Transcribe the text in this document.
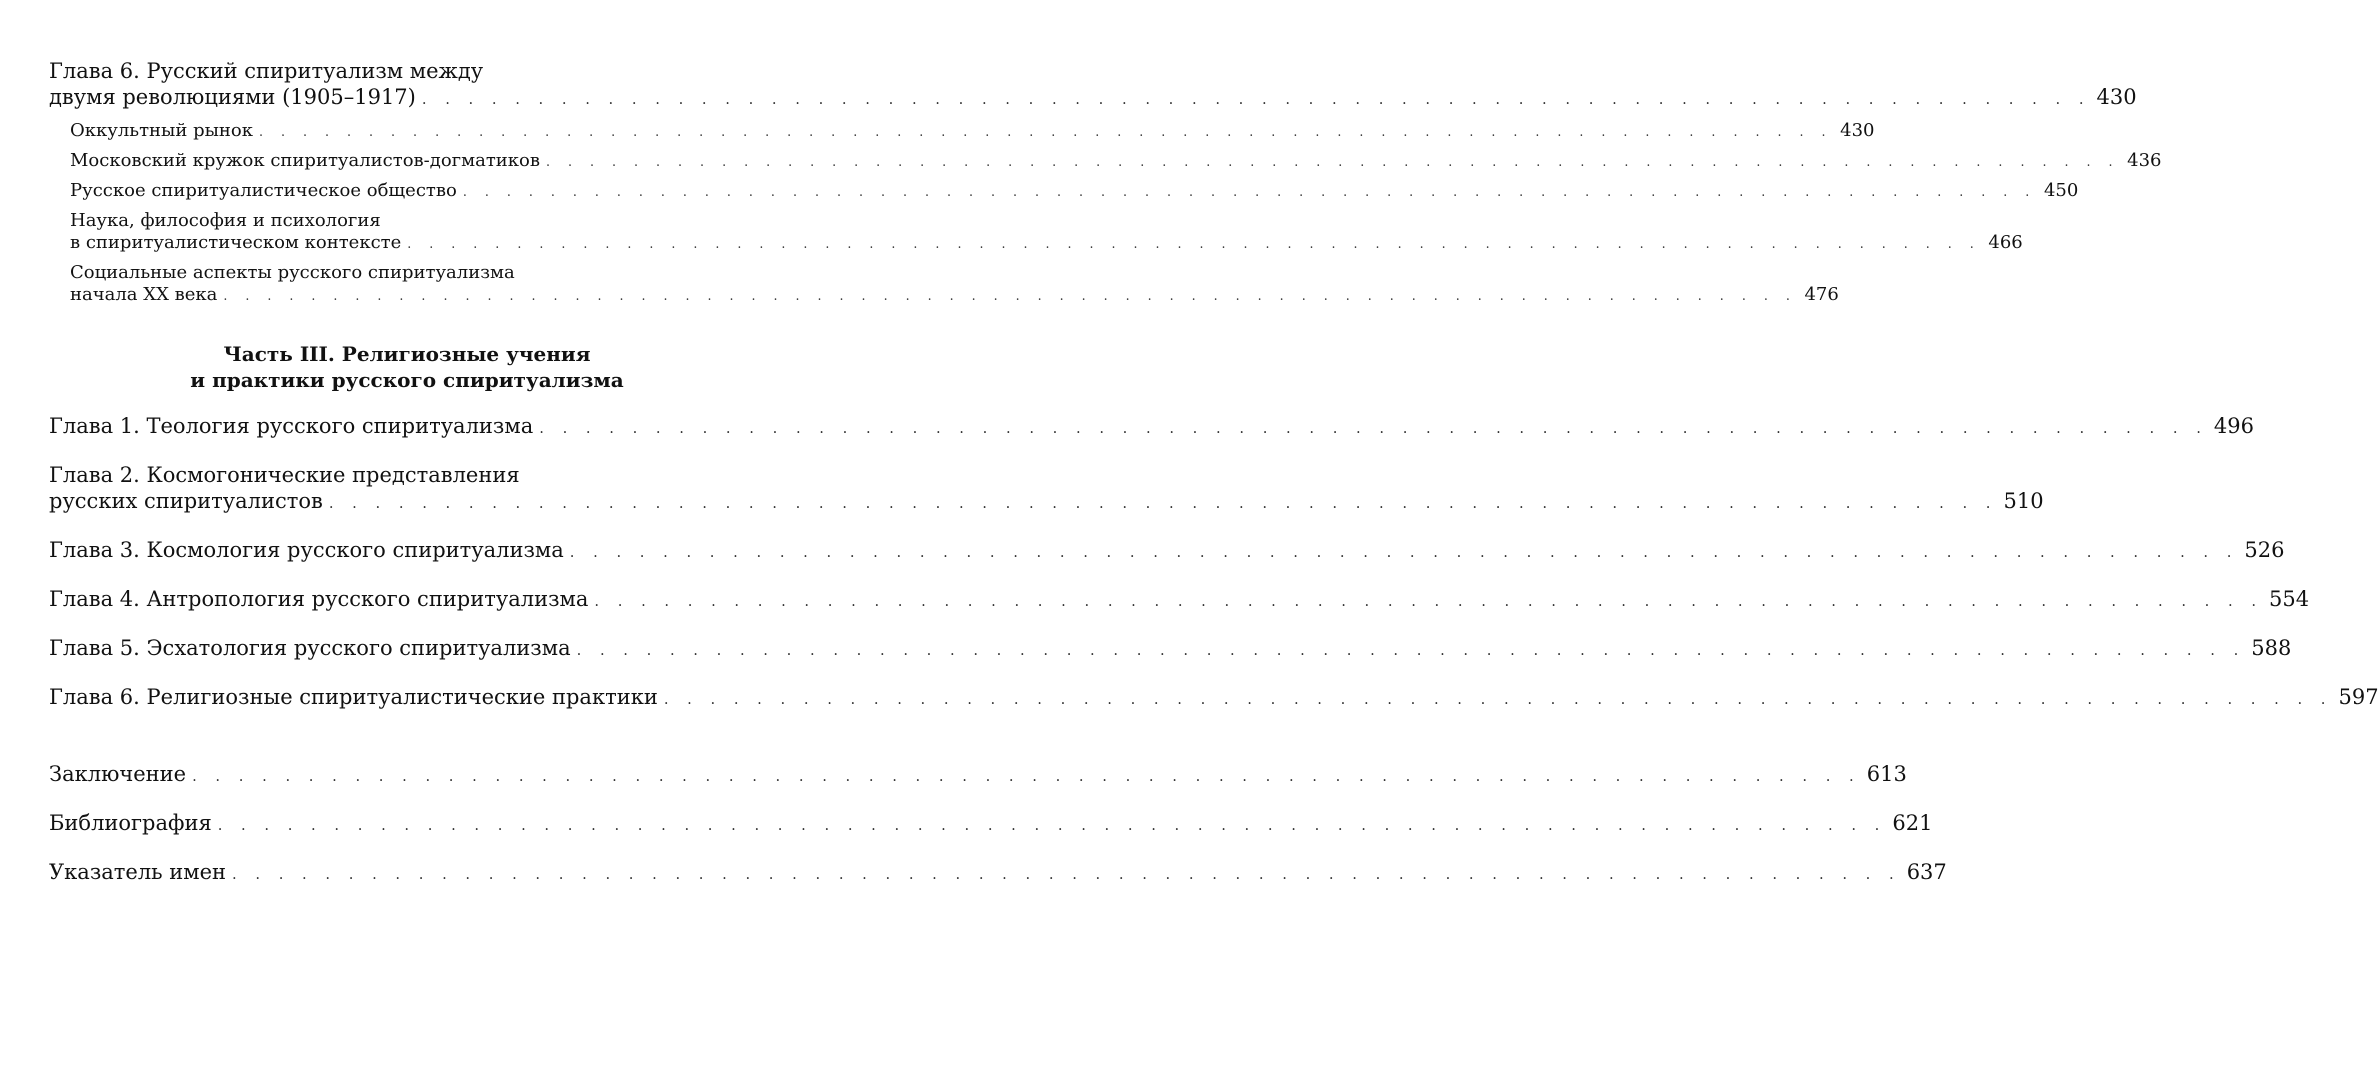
Глава 6. Русский спиритуализм между
двумя революциями (1905–1917) . . . . . . . . . . . . . . . . . . . . . . . . . . . . . . . . . . . . . . . . . . . . . . . . . . . . . . . . . . . . . . . . . . . . . . . . 430
Оккультный рынок . . . . . . . . . . . . . . . . . . . . . . . . . . . . . . . . . . . . . . . . . . . . . . . . . . . . . . . . . . . . . . . . . . . . . . . . 430
Московский кружок спиритуалистов-догматиков . . . . . . . . . . . . . . . . . . . . . . . . . . . . . . . . . . . . . . . . . . . . . . . . . . . . . . . . . . . . . . . . . . . . . . . . 436
Русское спиритуалистическое общество . . . . . . . . . . . . . . . . . . . . . . . . . . . . . . . . . . . . . . . . . . . . . . . . . . . . . . . . . . . . . . . . . . . . . . . . 450
Наука, философия и психология
в спиритуалистическом контексте . . . . . . . . . . . . . . . . . . . . . . . . . . . . . . . . . . . . . . . . . . . . . . . . . . . . . . . . . . . . . . . . . . . . . . . . 466
Социальные аспекты русского спиритуализма
начала XX века . . . . . . . . . . . . . . . . . . . . . . . . . . . . . . . . . . . . . . . . . . . . . . . . . . . . . . . . . . . . . . . . . . . . . . . . 476
Часть III. Религиозные учения
и практики русского спиритуализма
Глава 1. Теология русского спиритуализма . . . . . . . . . . . . . . . . . . . . . . . . . . . . . . . . . . . . . . . . . . . . . . . . . . . . . . . . . . . . . . . . . . . . . . . . 496
Глава 2. Космогонические представления
русских спиритуалистов . . . . . . . . . . . . . . . . . . . . . . . . . . . . . . . . . . . . . . . . . . . . . . . . . . . . . . . . . . . . . . . . . . . . . . . . 510
Глава 3. Космология русского спиритуализма . . . . . . . . . . . . . . . . . . . . . . . . . . . . . . . . . . . . . . . . . . . . . . . . . . . . . . . . . . . . . . . . . . . . . . . . 526
Глава 4. Антропология русского спиритуализма . . . . . . . . . . . . . . . . . . . . . . . . . . . . . . . . . . . . . . . . . . . . . . . . . . . . . . . . . . . . . . . . . . . . . . . . 554
Глава 5. Эсхатология русского спиритуализма . . . . . . . . . . . . . . . . . . . . . . . . . . . . . . . . . . . . . . . . . . . . . . . . . . . . . . . . . . . . . . . . . . . . . . . . 588
Глава 6. Религиозные спиритуалистические практики . . . . . . . . . . . . . . . . . . . . . . . . . . . . . . . . . . . . . . . . . . . . . . . . . . . . . . . . . . . . . . . . . . . . . . . . 597
Заключение . . . . . . . . . . . . . . . . . . . . . . . . . . . . . . . . . . . . . . . . . . . . . . . . . . . . . . . . . . . . . . . . . . . . . . . . 613
Библиография . . . . . . . . . . . . . . . . . . . . . . . . . . . . . . . . . . . . . . . . . . . . . . . . . . . . . . . . . . . . . . . . . . . . . . . . 621
Указатель имен . . . . . . . . . . . . . . . . . . . . . . . . . . . . . . . . . . . . . . . . . . . . . . . . . . . . . . . . . . . . . . . . . . . . . . . . 637
